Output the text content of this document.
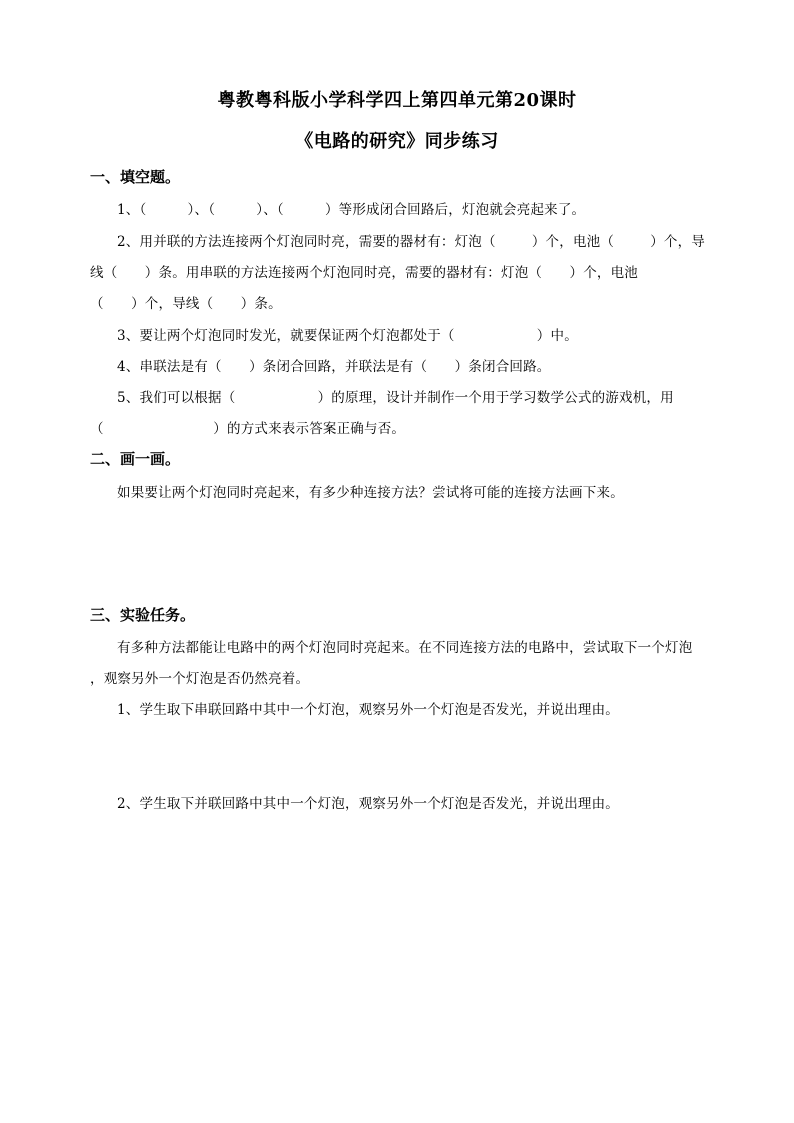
粤教粤科版小学科学四上第四单元第20课时
《电路的研究》同步练习
一、填空题。
1、（　　　）、（　　　）、（　　　）等形成闭合回路后，灯泡就会亮起来了。
2、用并联的方法连接两个灯泡同时亮，需要的器材有：灯泡（	）个，电池（	）个，导
线（　　）条。用串联的方法连接两个灯泡同时亮，需要的器材有：灯泡（　　）个，电池
（　　）个，导线（　　）条。
3、要让两个灯泡同时发光，就要保证两个灯泡都处于（　　　　　　）中。
4、串联法是有（　　）条闭合回路，并联法是有（　　）条闭合回路。
5、我们可以根据（　　　　　　）的原理，设计并制作一个用于学习数学公式的游戏机，用
（　　　　　　　　）的方式来表示答案正确与否。
二、画一画。
如果要让两个灯泡同时亮起来，有多少种连接方法？尝试将可能的连接方法画下来。
三、实验任务。
有多种方法都能让电路中的两个灯泡同时亮起来。在不同连接方法的电路中，尝试取下一个灯泡
，观察另外一个灯泡是否仍然亮着。
1、学生取下串联回路中其中一个灯泡，观察另外一个灯泡是否发光，并说出理由。
2、学生取下并联回路中其中一个灯泡，观察另外一个灯泡是否发光，并说出理由。
